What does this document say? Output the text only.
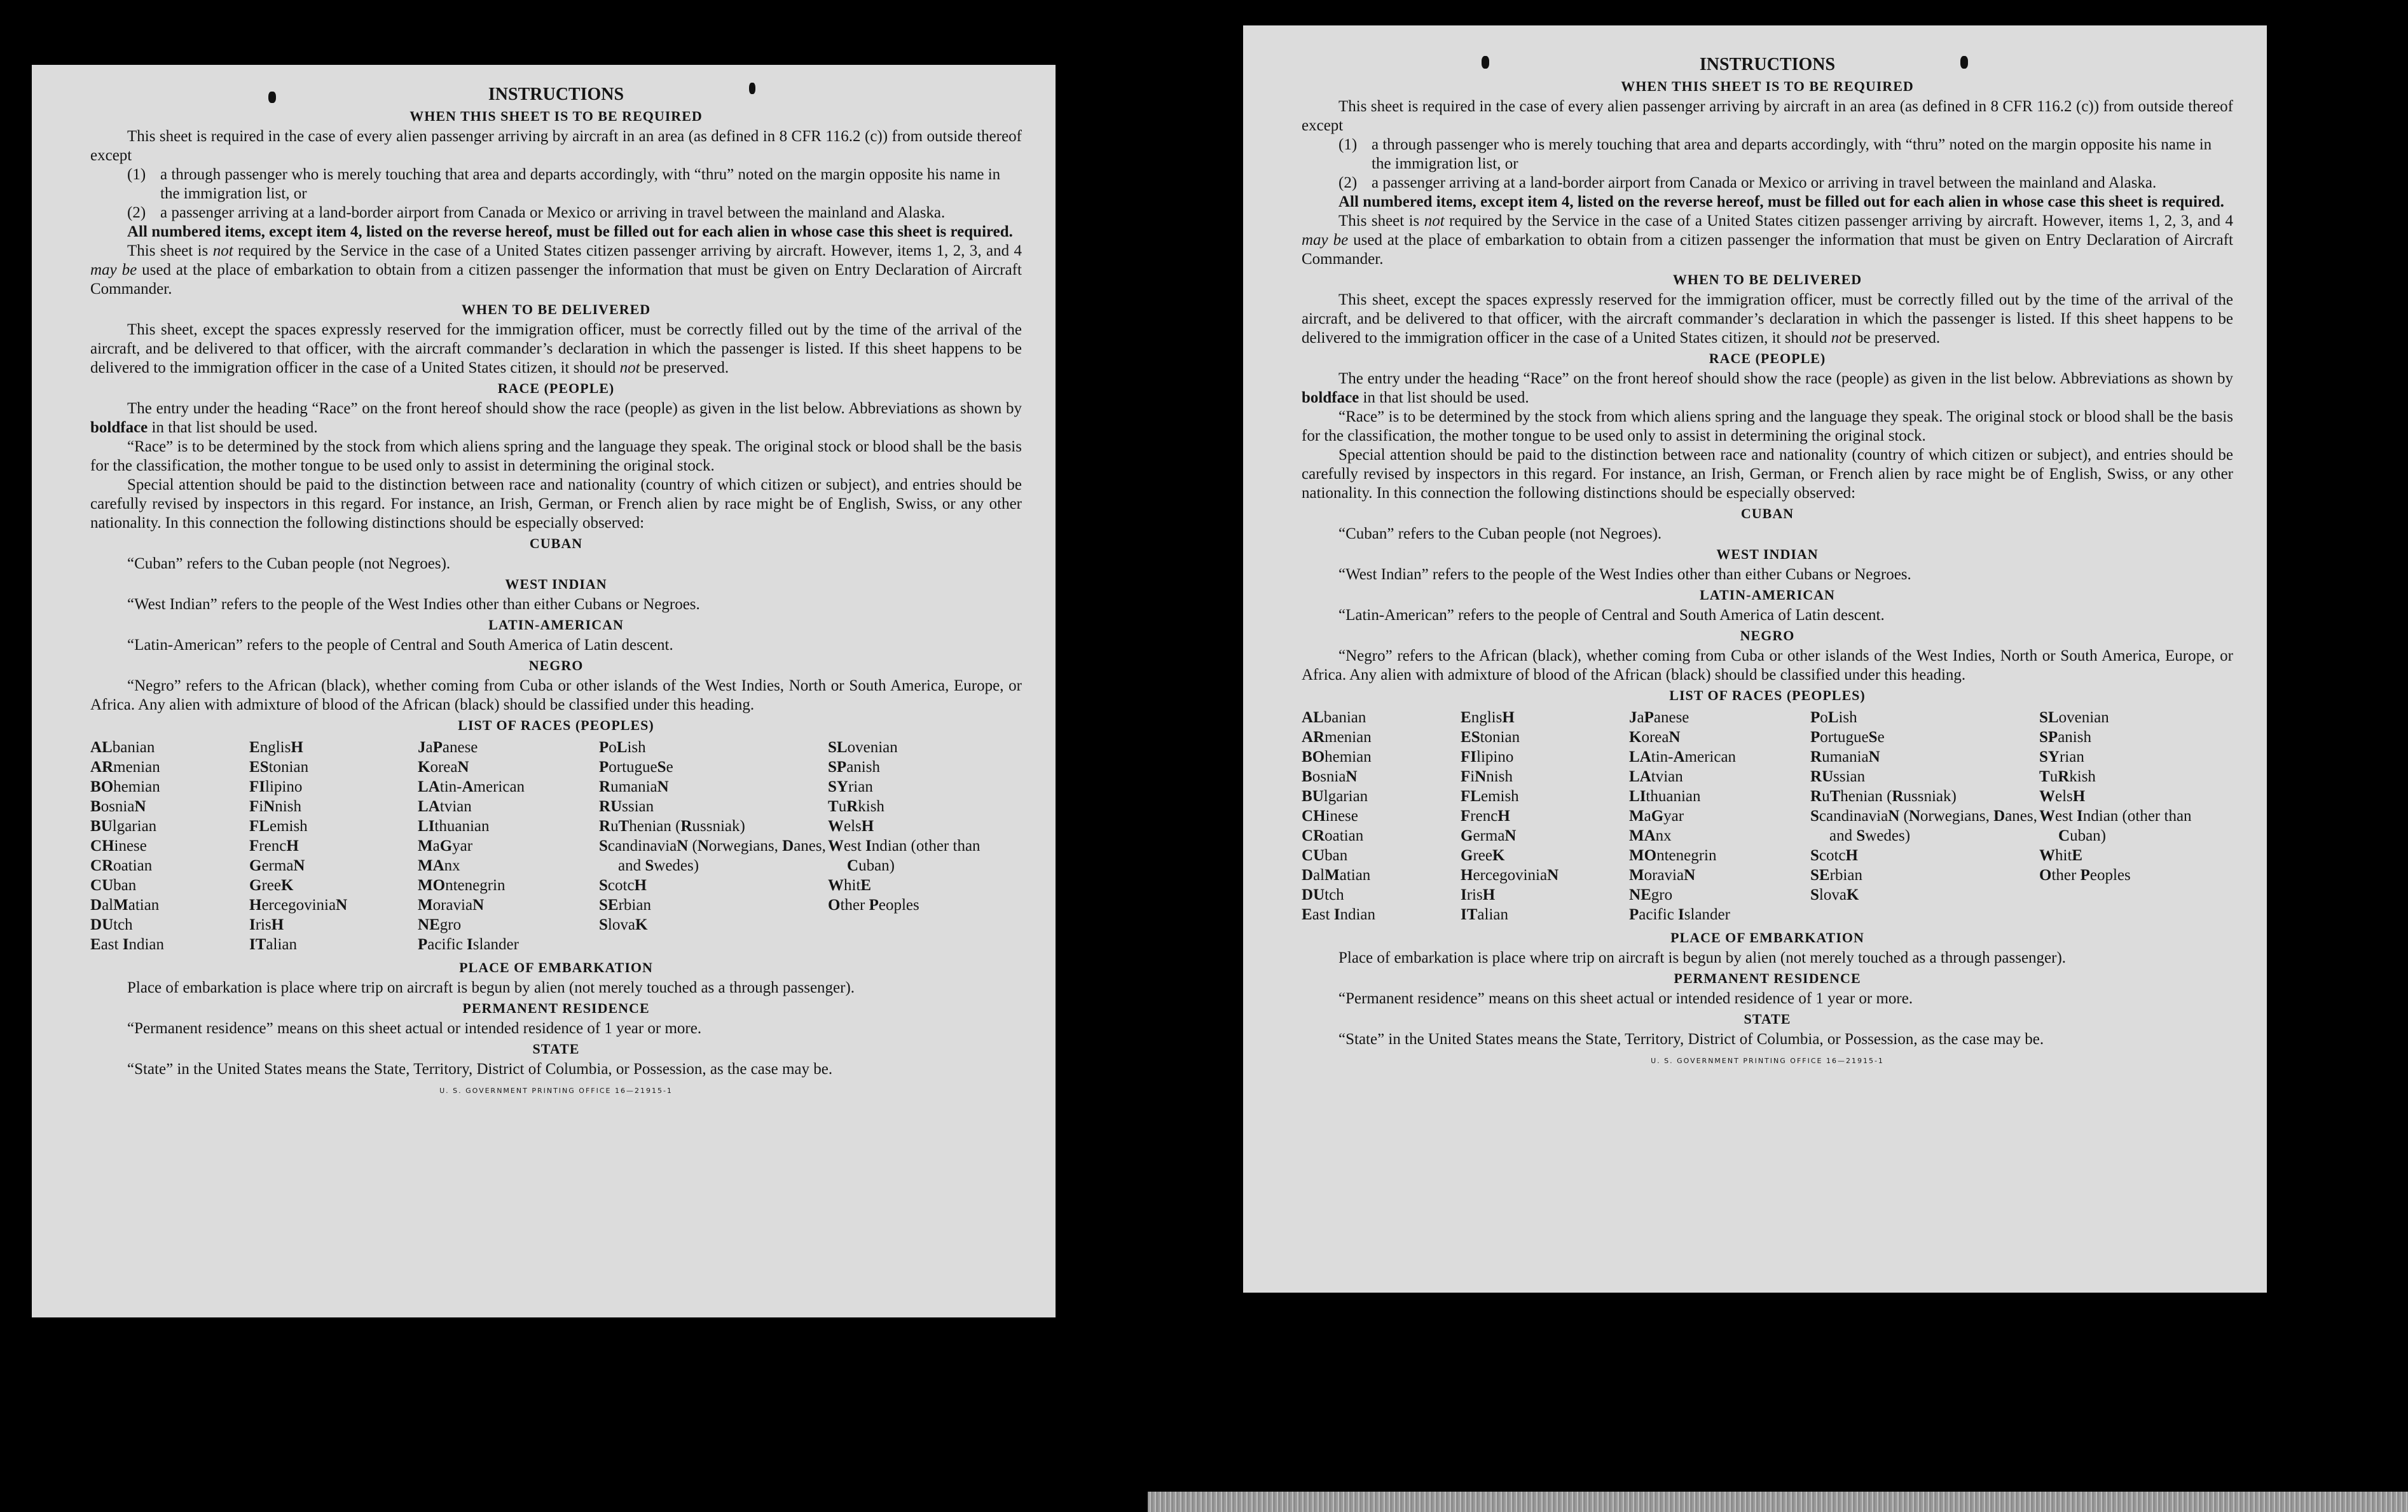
INSTRUCTIONS
WHEN THIS SHEET IS TO BE REQUIRED
This sheet is required in the case of every alien passenger arriving by aircraft in an area (as defined in 8 CFR 116.2 (c)) from outside thereof except
(1) a through passenger who is merely touching that area and departs accordingly, with “thru” noted on the margin opposite his name in the immigration list, or
(2) a passenger arriving at a land-border airport from Canada or Mexico or arriving in travel between the mainland and Alaska.
All numbered items, except item 4, listed on the reverse hereof, must be filled out for each alien in whose case this sheet is required.
This sheet is not required by the Service in the case of a United States citizen passenger arriving by aircraft. However, items 1, 2, 3, and 4 may be used at the place of embarkation to obtain from a citizen passenger the information that must be given on Entry Declaration of Aircraft Commander.
WHEN TO BE DELIVERED
This sheet, except the spaces expressly reserved for the immigration officer, must be correctly filled out by the time of the arrival of the aircraft, and be delivered to that officer, with the aircraft commander’s declaration in which the passenger is listed. If this sheet happens to be delivered to the immigration officer in the case of a United States citizen, it should not be preserved.
RACE (PEOPLE)
The entry under the heading “Race” on the front hereof should show the race (people) as given in the list below. Abbreviations as shown by boldface in that list should be used.
“Race” is to be determined by the stock from which aliens spring and the language they speak. The original stock or blood shall be the basis for the classification, the mother tongue to be used only to assist in determining the original stock.
Special attention should be paid to the distinction between race and nationality (country of which citizen or subject), and entries should be carefully revised by inspectors in this regard. For instance, an Irish, German, or French alien by race might be of English, Swiss, or any other nationality. In this connection the following distinctions should be especially observed:
CUBAN
“Cuban” refers to the Cuban people (not Negroes).
WEST INDIAN
“West Indian” refers to the people of the West Indies other than either Cubans or Negroes.
LATIN-AMERICAN
“Latin-American” refers to the people of Central and South America of Latin descent.
NEGRO
“Negro” refers to the African (black), whether coming from Cuba or other islands of the West Indies, North or South America, Europe, or Africa. Any alien with admixture of blood of the African (black) should be classified under this heading.
LIST OF RACES (PEOPLES)
ALbanian
ARmenian
BOhemian
BosniaN
BUlgarian
CHinese
CRoatian
CUban
DalMatian
DUtch
East Indian
EnglisH
EStonian
FIlipino
FiNnish
FLemish
FrencH
GermaN
GreeK
HercegoviniaN
IrisH
ITalian
JaPanese
KoreaN
LAtin-American
LAtvian
LIthuanian
MaGyar
MAnx
MOntenegrin
MoraviaN
NEgro
Pacific Islander
PoLish
PortugueSe
RumaniaN
RUssian
RuThenian (Russniak)
ScandinaviaN (Norwegians, Danes, and Swedes)
ScotcH
SErbian
SlovaK
SLovenian
SPanish
SYrian
TuRkish
WelsH
West Indian (other than Cuban)
WhitE
Other Peoples
PLACE OF EMBARKATION
Place of embarkation is place where trip on aircraft is begun by alien (not merely touched as a through passenger).
PERMANENT RESIDENCE
“Permanent residence” means on this sheet actual or intended residence of 1 year or more.
STATE
“State” in the United States means the State, Territory, District of Columbia, or Possession, as the case may be.
U. S. GOVERNMENT PRINTING OFFICE 16—21915-1
INSTRUCTIONS
WHEN THIS SHEET IS TO BE REQUIRED
This sheet is required in the case of every alien passenger arriving by aircraft in an area (as defined in 8 CFR 116.2 (c)) from outside thereof except
(1) a through passenger who is merely touching that area and departs accordingly, with “thru” noted on the margin opposite his name in the immigration list, or
(2) a passenger arriving at a land-border airport from Canada or Mexico or arriving in travel between the mainland and Alaska.
All numbered items, except item 4, listed on the reverse hereof, must be filled out for each alien in whose case this sheet is required.
This sheet is not required by the Service in the case of a United States citizen passenger arriving by aircraft. However, items 1, 2, 3, and 4 may be used at the place of embarkation to obtain from a citizen passenger the information that must be given on Entry Declaration of Aircraft Commander.
WHEN TO BE DELIVERED
This sheet, except the spaces expressly reserved for the immigration officer, must be correctly filled out by the time of the arrival of the aircraft, and be delivered to that officer, with the aircraft commander’s declaration in which the passenger is listed. If this sheet happens to be delivered to the immigration officer in the case of a United States citizen, it should not be preserved.
RACE (PEOPLE)
The entry under the heading “Race” on the front hereof should show the race (people) as given in the list below. Abbreviations as shown by boldface in that list should be used.
“Race” is to be determined by the stock from which aliens spring and the language they speak. The original stock or blood shall be the basis for the classification, the mother tongue to be used only to assist in determining the original stock.
Special attention should be paid to the distinction between race and nationality (country of which citizen or subject), and entries should be carefully revised by inspectors in this regard. For instance, an Irish, German, or French alien by race might be of English, Swiss, or any other nationality. In this connection the following distinctions should be especially observed:
CUBAN
“Cuban” refers to the Cuban people (not Negroes).
WEST INDIAN
“West Indian” refers to the people of the West Indies other than either Cubans or Negroes.
LATIN-AMERICAN
“Latin-American” refers to the people of Central and South America of Latin descent.
NEGRO
“Negro” refers to the African (black), whether coming from Cuba or other islands of the West Indies, North or South America, Europe, or Africa. Any alien with admixture of blood of the African (black) should be classified under this heading.
LIST OF RACES (PEOPLES)
ALbanian
ARmenian
BOhemian
BosniaN
BUlgarian
CHinese
CRoatian
CUban
DalMatian
DUtch
East Indian
EnglisH
EStonian
FIlipino
FiNnish
FLemish
FrencH
GermaN
GreeK
HercegoviniaN
IrisH
ITalian
JaPanese
KoreaN
LAtin-American
LAtvian
LIthuanian
MaGyar
MAnx
MOntenegrin
MoraviaN
NEgro
Pacific Islander
PoLish
PortugueSe
RumaniaN
RUssian
RuThenian (Russniak)
ScandinaviaN (Norwegians, Danes, and Swedes)
ScotcH
SErbian
SlovaK
SLovenian
SPanish
SYrian
TuRkish
WelsH
West Indian (other than Cuban)
WhitE
Other Peoples
PLACE OF EMBARKATION
Place of embarkation is place where trip on aircraft is begun by alien (not merely touched as a through passenger).
PERMANENT RESIDENCE
“Permanent residence” means on this sheet actual or intended residence of 1 year or more.
STATE
“State” in the United States means the State, Territory, District of Columbia, or Possession, as the case may be.
U. S. GOVERNMENT PRINTING OFFICE 16—21915-1
